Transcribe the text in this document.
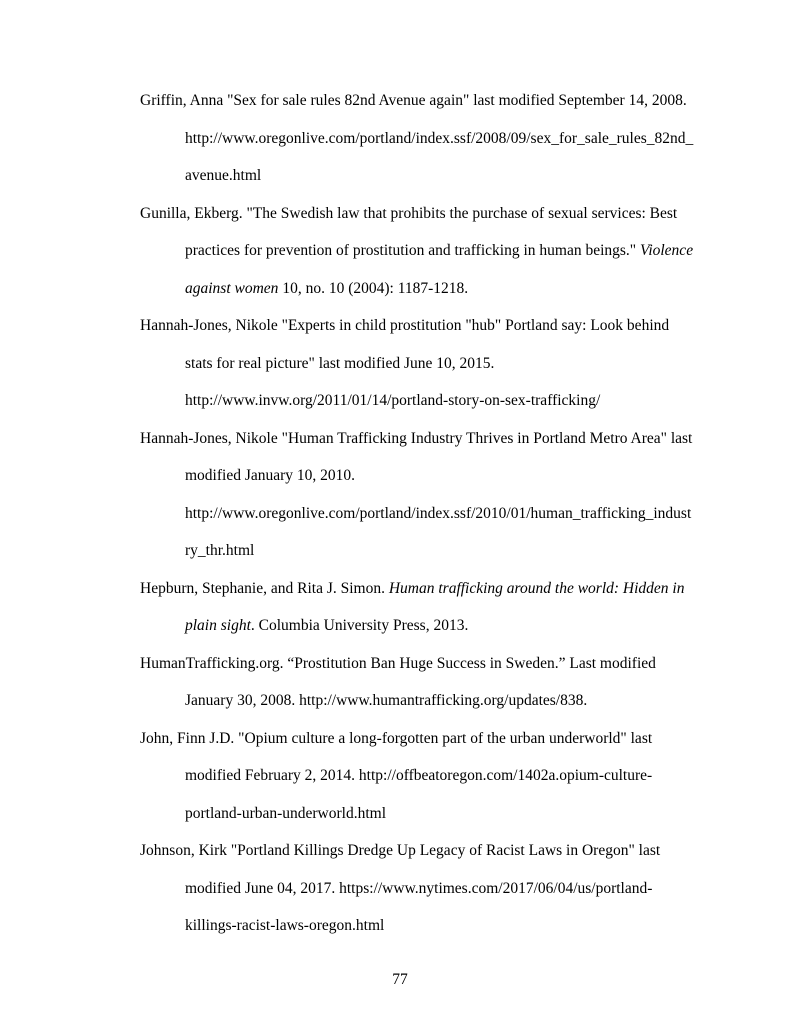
Griffin, Anna "Sex for sale rules 82nd Avenue again" last modified September 14, 2008.
http://www.oregonlive.com/portland/index.ssf/2008/09/sex_for_sale_rules_82nd_
avenue.html
Gunilla, Ekberg. "The Swedish law that prohibits the purchase of sexual services: Best
practices for prevention of prostitution and trafficking in human beings." Violence
against women 10, no. 10 (2004): 1187-1218.
Hannah-Jones, Nikole "Experts in child prostitution "hub" Portland say: Look behind
stats for real picture" last modified June 10, 2015.
http://www.invw.org/2011/01/14/portland-story-on-sex-trafficking/
Hannah-Jones, Nikole "Human Trafficking Industry Thrives in Portland Metro Area" last
modified January 10, 2010.
http://www.oregonlive.com/portland/index.ssf/2010/01/human_trafficking_indust
ry_thr.html
Hepburn, Stephanie, and Rita J. Simon. Human trafficking around the world: Hidden in
plain sight. Columbia University Press, 2013.
HumanTrafficking.org. “Prostitution Ban Huge Success in Sweden.” Last modified
January 30, 2008. http://www.humantrafficking.org/updates/838.
John, Finn J.D. "Opium culture a long-forgotten part of the urban underworld" last
modified February 2, 2014. http://offbeatoregon.com/1402a.opium-culture-
portland-urban-underworld.html
Johnson, Kirk "Portland Killings Dredge Up Legacy of Racist Laws in Oregon" last
modified June 04, 2017. https://www.nytimes.com/2017/06/04/us/portland-
killings-racist-laws-oregon.html
77
